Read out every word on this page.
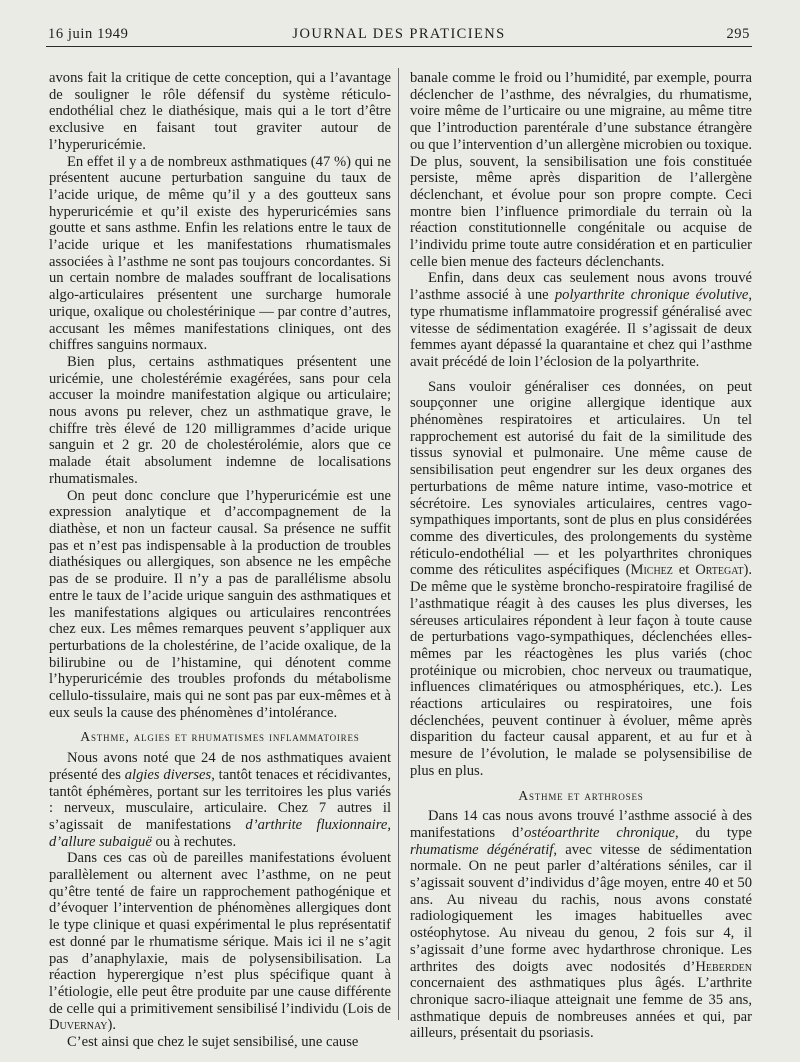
16 juin 1949	JOURNAL DES PRATICIENS	295

avons fait la critique de cette conception, qui a l’avantage de souligner le rôle défensif du système réticulo-endothélial chez le diathésique, mais qui a le tort d’être exclusive en faisant tout graviter autour de l’hyperuricémie.

En effet il y a de nombreux asthmatiques (47 %) qui ne présentent aucune perturbation sanguine du taux de l’acide urique, de même qu’il y a des goutteux sans hyperuricémie et qu’il existe des hyperuricémies sans goutte et sans asthme. Enfin les relations entre le taux de l’acide urique et les manifestations rhumatismales associées à l’asthme ne sont pas toujours concordantes. Si un certain nombre de malades souffrant de localisations algo-articulaires présentent une surcharge humorale urique, oxalique ou cholestérinique — par contre d’autres, accusant les mêmes manifestations cliniques, ont des chiffres sanguins normaux.

Bien plus, certains asthmatiques présentent une uricémie, une cholestérémie exagérées, sans pour cela accuser la moindre manifestation algique ou articulaire; nous avons pu relever, chez un asthmatique grave, le chiffre très élevé de 120 milligrammes d’acide urique sanguin et 2 gr. 20 de cholestérolémie, alors que ce malade était absolument indemne de localisations rhumatismales.

On peut donc conclure que l’hyperuricémie est une expression analytique et d’accompagnement de la diathèse, et non un facteur causal. Sa présence ne suffit pas et n’est pas indispensable à la production de troubles diathésiques ou allergiques, son absence ne les empêche pas de se produire. Il n’y a pas de parallélisme absolu entre le taux de l’acide urique sanguin des asthmatiques et les manifestations algiques ou articulaires rencontrées chez eux. Les mêmes remarques peuvent s’appliquer aux perturbations de la cholestérine, de l’acide oxalique, de la bilirubine ou de l’histamine, qui dénotent comme l’hyperuricémie des troubles profonds du métabolisme cellulo-tissulaire, mais qui ne sont pas par eux-mêmes et à eux seuls la cause des phénomènes d’intolérance.

Asthme, algies et rhumatismes inflammatoires

Nous avons noté que 24 de nos asthmatiques avaient présenté des algies diverses, tantôt tenaces et récidivantes, tantôt éphémères, portant sur les territoires les plus variés : nerveux, musculaire, articulaire. Chez 7 autres il s’agissait de manifestations d’arthrite fluxionnaire, d’allure subaiguë ou à rechutes.

Dans ces cas où de pareilles manifestations évoluent parallèlement ou alternent avec l’asthme, on ne peut qu’être tenté de faire un rapprochement pathogénique et d’évoquer l’intervention de phénomènes allergiques dont le type clinique et quasi expérimental le plus représentatif est donné par le rhumatisme sérique. Mais ici il ne s’agit pas d’anaphylaxie, mais de polysensibilisation. La réaction hyperergique n’est plus spécifique quant à l’étiologie, elle peut être produite par une cause différente de celle qui a primitivement sensibilisé l’individu (Lois de Duvernay).

C’est ainsi que chez le sujet sensibilisé, une cause

banale comme le froid ou l’humidité, par exemple, pourra déclencher de l’asthme, des névralgies, du rhumatisme, voire même de l’urticaire ou une migraine, au même titre que l’introduction parentérale d’une substance étrangère ou que l’intervention d’un allergène microbien ou toxique. De plus, souvent, la sensibilisation une fois constituée persiste, même après disparition de l’allergène déclenchant, et évolue pour son propre compte. Ceci montre bien l’influence primordiale du terrain où la réaction constitutionnelle congénitale ou acquise de l’individu prime toute autre considération et en particulier celle bien menue des facteurs déclenchants.

Enfin, dans deux cas seulement nous avons trouvé l’asthme associé à une polyarthrite chronique évolutive, type rhumatisme inflammatoire progressif généralisé avec vitesse de sédimentation exagérée. Il s’agissait de deux femmes ayant dépassé la quarantaine et chez qui l’asthme avait précédé de loin l’éclosion de la polyarthrite.

Sans vouloir généraliser ces données, on peut soupçonner une origine allergique identique aux phénomènes respiratoires et articulaires. Un tel rapprochement est autorisé du fait de la similitude des tissus synovial et pulmonaire. Une même cause de sensibilisation peut engendrer sur les deux organes des perturbations de même nature intime, vaso-motrice et sécrétoire. Les synoviales articulaires, centres vago-sympathiques importants, sont de plus en plus considérées comme des diverticules, des prolongements du système réticulo-endothélial — et les polyarthrites chroniques comme des réticulites aspécifiques (Michez et Ortegat). De même que le système broncho-respiratoire fragilisé de l’asthmatique réagit à des causes les plus diverses, les séreuses articulaires répondent à leur façon à toute cause de perturbations vago-sympathiques, déclenchées elles-mêmes par les réactogènes les plus variés (choc protéinique ou microbien, choc nerveux ou traumatique, influences climatériques ou atmosphériques, etc.). Les réactions articulaires ou respiratoires, une fois déclenchées, peuvent continuer à évoluer, même après disparition du facteur causal apparent, et au fur et à mesure de l’évolution, le malade se polysensibilise de plus en plus.

Asthme et arthroses

Dans 14 cas nous avons trouvé l’asthme associé à des manifestations d’ostéoarthrite chronique, du type rhumatisme dégénératif, avec vitesse de sédimentation normale. On ne peut parler d’altérations séniles, car il s’agissait souvent d’individus d’âge moyen, entre 40 et 50 ans. Au niveau du rachis, nous avons constaté radiologiquement les images habituelles avec ostéophytose. Au niveau du genou, 2 fois sur 4, il s’agissait d’une forme avec hydarthrose chronique. Les arthrites des doigts avec nodosités d’Heberden concernaient des asthmatiques plus âgés. L’arthrite chronique sacro-iliaque atteignait une femme de 35 ans, asthmatique depuis de nombreuses années et qui, par ailleurs, présentait du psoriasis.
